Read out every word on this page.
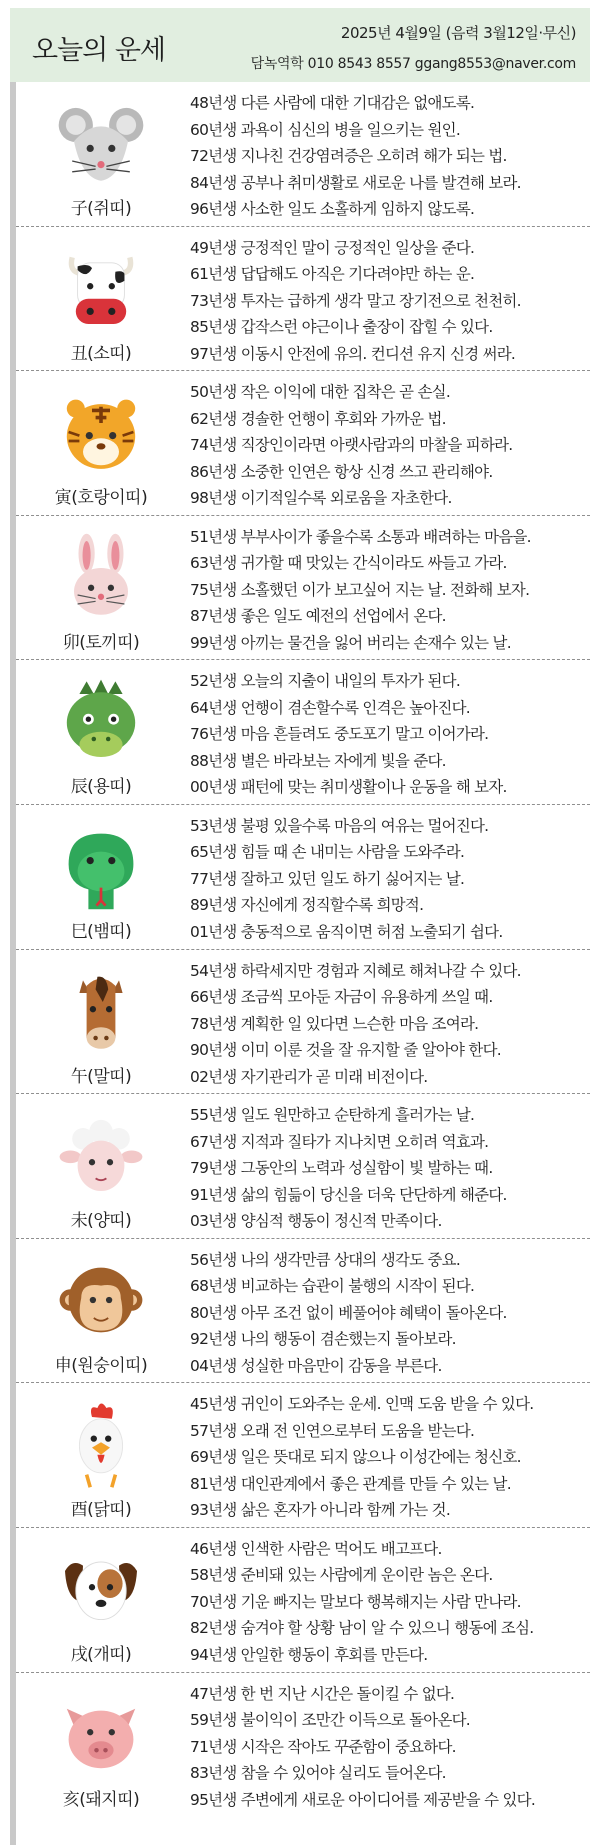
오늘의 운세
2025년 4월9일 (음력 3월12일·무신)
담녹역학 010 8543 8557 ggang8553@naver.com
子(쥐띠)
48년생 다른 사람에 대한 기대감은 없애도록.
60년생 과욕이 심신의 병을 일으키는 원인.
72년생 지나친 건강염려증은 오히려 해가 되는 법.
84년생 공부나 취미생활로 새로운 나를 발견해 보라.
96년생 사소한 일도 소홀하게 임하지 않도록.
丑(소띠)
49년생 긍정적인 말이 긍정적인 일상을 준다.
61년생 답답해도 아직은 기다려야만 하는 운.
73년생 투자는 급하게 생각 말고 장기전으로 천천히.
85년생 갑작스런 야근이나 출장이 잡힐 수 있다.
97년생 이동시 안전에 유의. 컨디션 유지 신경 써라.
寅(호랑이띠)
50년생 작은 이익에 대한 집착은 곧 손실.
62년생 경솔한 언행이 후회와 가까운 법.
74년생 직장인이라면 아랫사람과의 마찰을 피하라.
86년생 소중한 인연은 항상 신경 쓰고 관리해야.
98년생 이기적일수록 외로움을 자초한다.
卯(토끼띠)
51년생 부부사이가 좋을수록 소통과 배려하는 마음을.
63년생 귀가할 때 맛있는 간식이라도 싸들고 가라.
75년생 소홀했던 이가 보고싶어 지는 날. 전화해 보자.
87년생 좋은 일도 예전의 선업에서 온다.
99년생 아끼는 물건을 잃어 버리는 손재수 있는 날.
辰(용띠)
52년생 오늘의 지출이 내일의 투자가 된다.
64년생 언행이 겸손할수록 인격은 높아진다.
76년생 마음 흔들려도 중도포기 말고 이어가라.
88년생 별은 바라보는 자에게 빛을 준다.
00년생 패턴에 맞는 취미생활이나 운동을 해 보자.
巳(뱀띠)
53년생 불평 있을수록 마음의 여유는 멀어진다.
65년생 힘들 때 손 내미는 사람을 도와주라.
77년생 잘하고 있던 일도 하기 싫어지는 날.
89년생 자신에게 정직할수록 희망적.
01년생 충동적으로 움직이면 허점 노출되기 쉽다.
午(말띠)
54년생 하락세지만 경험과 지혜로 해쳐나갈 수 있다.
66년생 조금씩 모아둔 자금이 유용하게 쓰일 때.
78년생 계획한 일 있다면 느슨한 마음 조여라.
90년생 이미 이룬 것을 잘 유지할 줄 알아야 한다.
02년생 자기관리가 곧 미래 비전이다.
未(양띠)
55년생 일도 원만하고 순탄하게 흘러가는 날.
67년생 지적과 질타가 지나치면 오히려 역효과.
79년생 그동안의 노력과 성실함이 빛 발하는 때.
91년생 삶의 힘듦이 당신을 더욱 단단하게 해준다.
03년생 양심적 행동이 정신적 만족이다.
申(원숭이띠)
56년생 나의 생각만큼 상대의 생각도 중요.
68년생 비교하는 습관이 불행의 시작이 된다.
80년생 아무 조건 없이 베풀어야 혜택이 돌아온다.
92년생 나의 행동이 겸손했는지 돌아보라.
04년생 성실한 마음만이 감동을 부른다.
酉(닭띠)
45년생 귀인이 도와주는 운세. 인맥 도움 받을 수 있다.
57년생 오래 전 인연으로부터 도움을 받는다.
69년생 일은 뜻대로 되지 않으나 이성간에는 청신호.
81년생 대인관계에서 좋은 관계를 만들 수 있는 날.
93년생 삶은 혼자가 아니라 함께 가는 것.
戌(개띠)
46년생 인색한 사람은 먹어도 배고프다.
58년생 준비돼 있는 사람에게 운이란 놈은 온다.
70년생 기운 빠지는 말보다 행복해지는 사람 만나라.
82년생 숨겨야 할 상황 남이 알 수 있으니 행동에 조심.
94년생 안일한 행동이 후회를 만든다.
亥(돼지띠)
47년생 한 번 지난 시간은 돌이킬 수 없다.
59년생 불이익이 조만간 이득으로 돌아온다.
71년생 시작은 작아도 꾸준함이 중요하다.
83년생 참을 수 있어야 실리도 들어온다.
95년생 주변에게 새로운 아이디어를 제공받을 수 있다.
